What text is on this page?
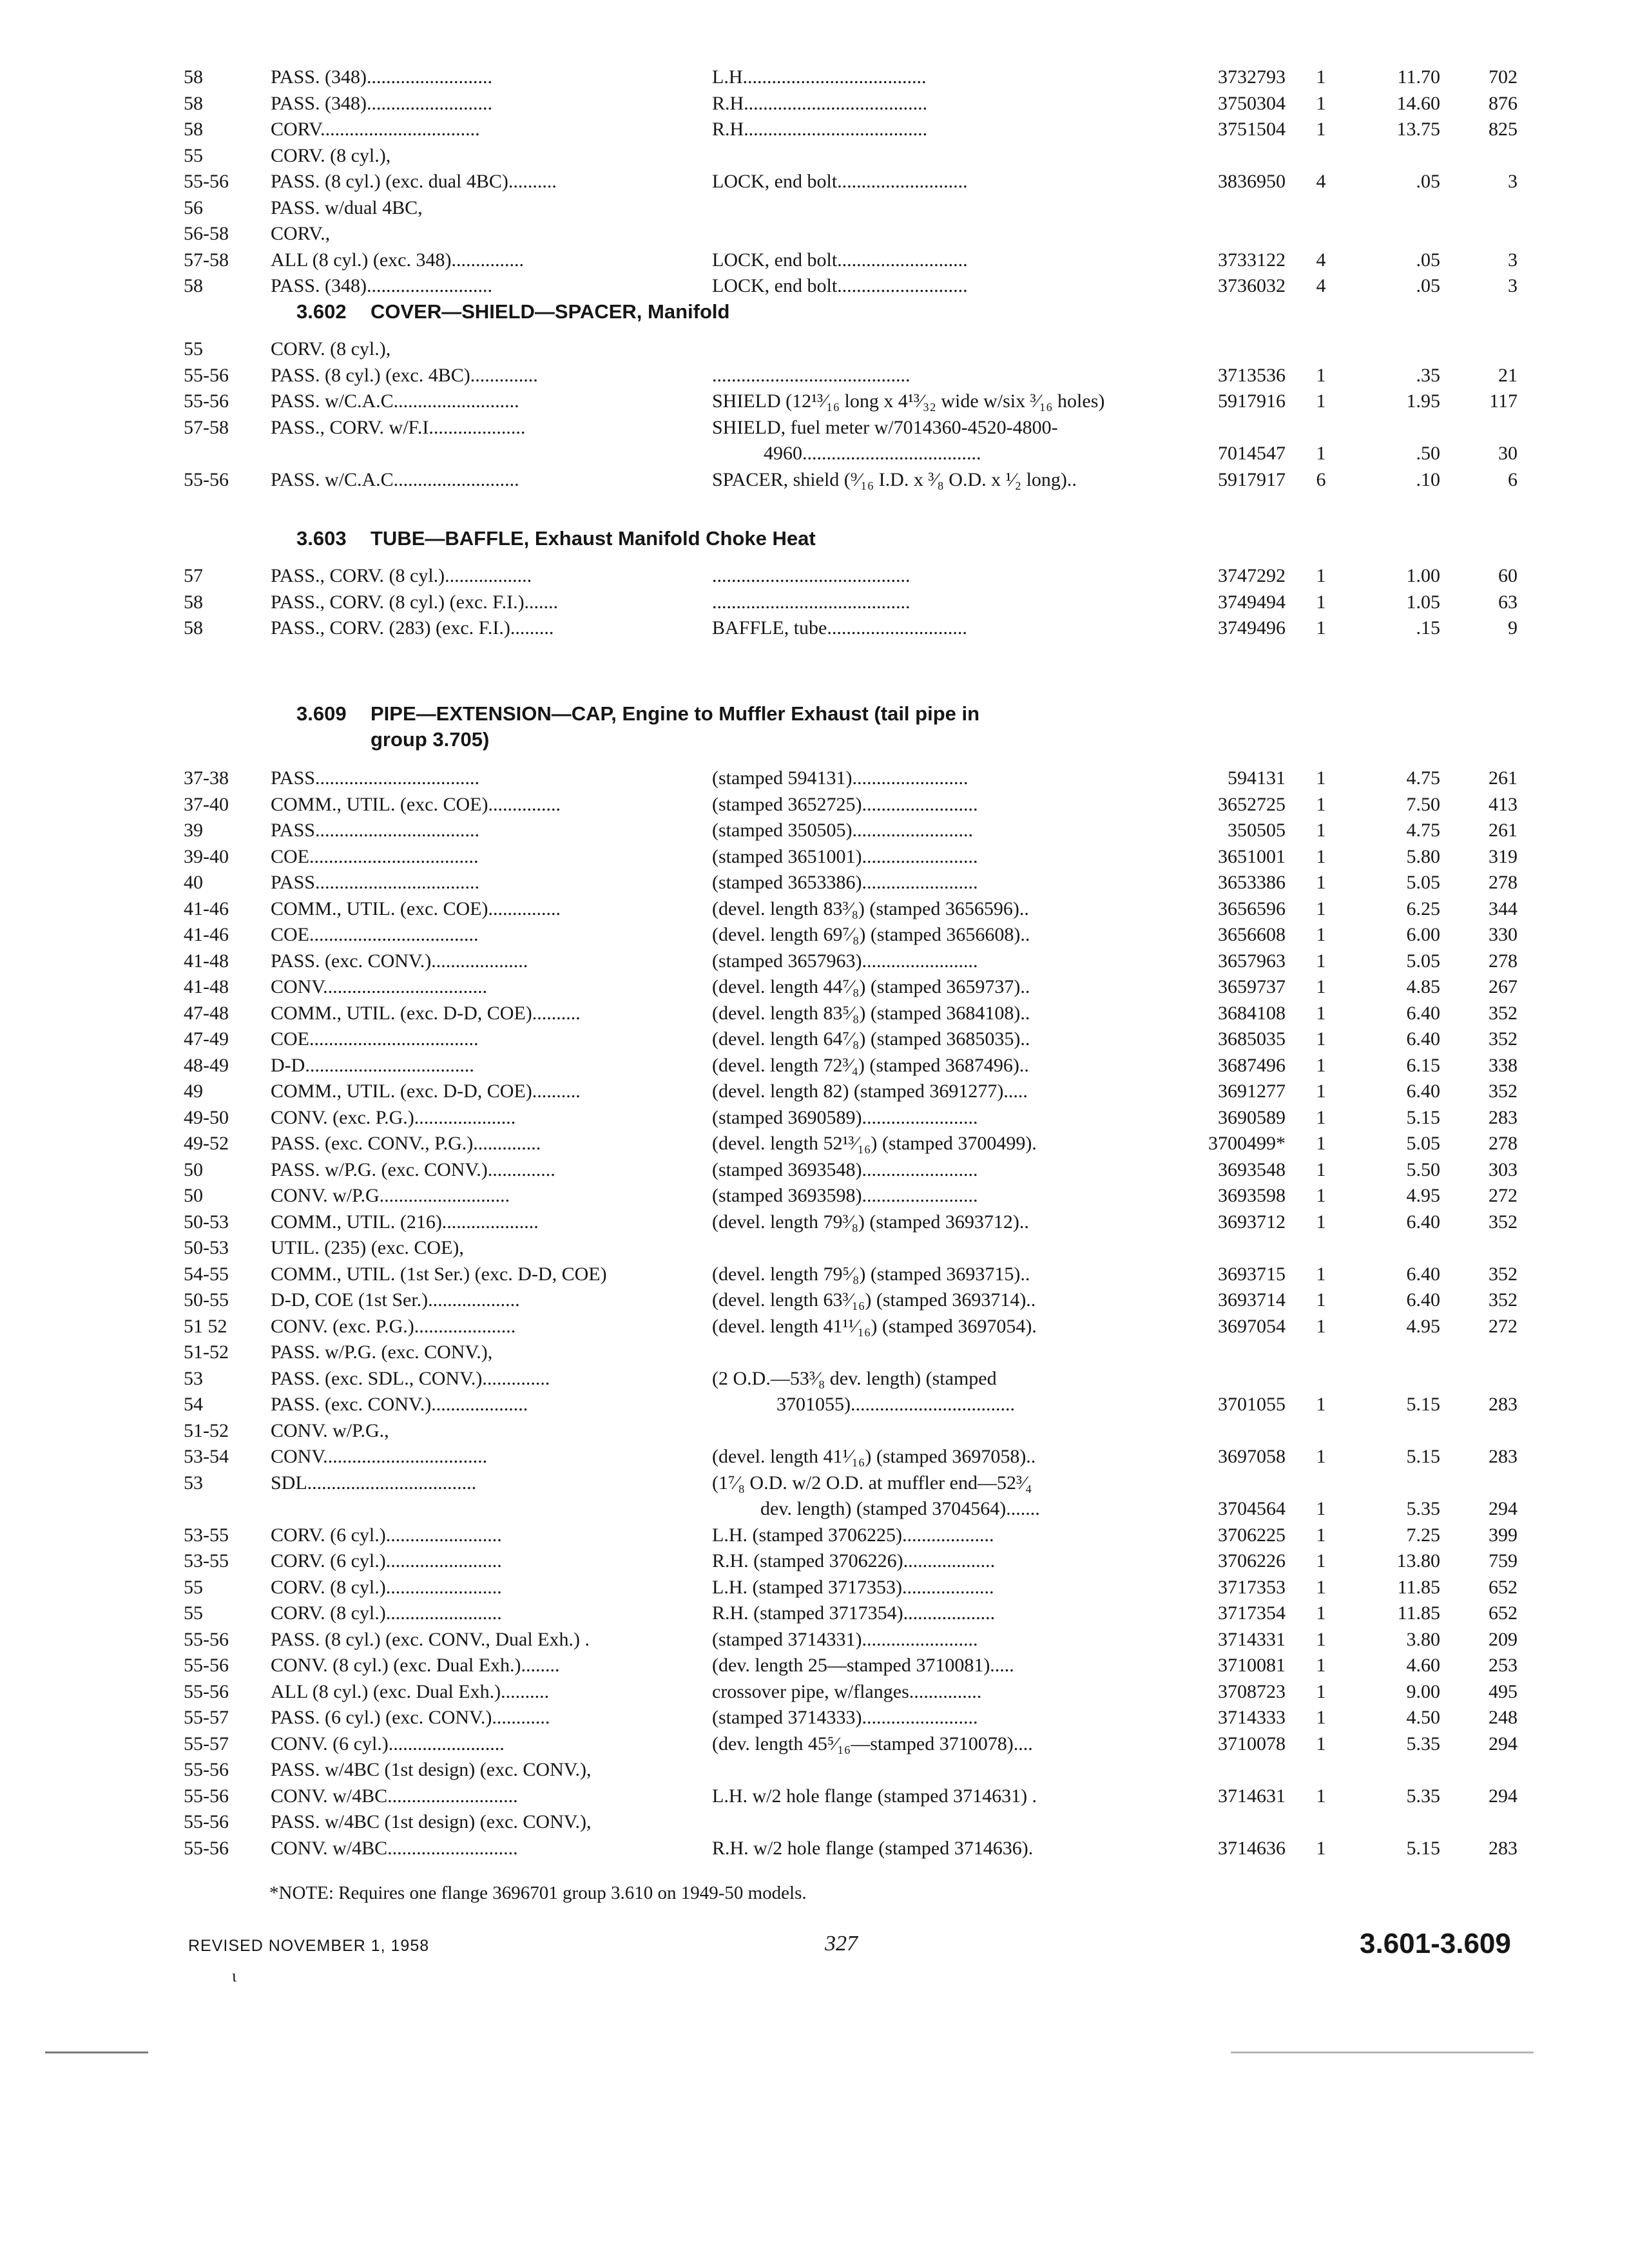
58	PASS. (348)..........................	L.H......................................	3732793	1	11.70	702
58	PASS. (348)..........................	R.H......................................	3750304	1	14.60	876
58	CORV.................................	R.H......................................	3751504	1	13.75	825
55	CORV. (8 cyl.),
55-56	PASS. (8 cyl.) (exc. dual 4BC)..........	LOCK, end bolt...........................	3836950	4	.05	3
56	PASS. w/dual 4BC,
56-58	CORV.,
57-58	ALL (8 cyl.) (exc. 348)...............	LOCK, end bolt...........................	3733122	4	.05	3
58	PASS. (348)..........................	LOCK, end bolt...........................	3736032	4	.05	3
3.602 COVER—SHIELD—SPACER, Manifold
55	CORV. (8 cyl.),
55-56	PASS. (8 cyl.) (exc. 4BC)..............	.........................................	3713536	1	.35	21
55-56	PASS. w/C.A.C..........................	SHIELD (12¹³⁄₁₆ long x 4¹³⁄₃₂ wide w/six ³⁄₁₆ holes)	5917916	1	1.95	117
57-58	PASS., CORV. w/F.I....................	SHIELD, fuel meter w/7014360-4520-4800-
4960.....................................	7014547	1	.50	30
55-56	PASS. w/C.A.C..........................	SPACER, shield (⁹⁄₁₆ I.D. x ³⁄₈ O.D. x ¹⁄₂ long)..	5917917	6	.10	6
3.603 TUBE—BAFFLE, Exhaust Manifold Choke Heat
57	PASS., CORV. (8 cyl.)..................	.........................................	3747292	1	1.00	60
58	PASS., CORV. (8 cyl.) (exc. F.I.).......	.........................................	3749494	1	1.05	63
58	PASS., CORV. (283) (exc. F.I.).........	BAFFLE, tube.............................	3749496	1	.15	9
3.609 PIPE—EXTENSION—CAP, Engine to Muffler Exhaust (tail pipe in
group 3.705)
37-38	PASS..................................	(stamped 594131)........................	594131	1	4.75	261
37-40	COMM., UTIL. (exc. COE)...............	(stamped 3652725)........................	3652725	1	7.50	413
39	PASS..................................	(stamped 350505).........................	350505	1	4.75	261
39-40	COE...................................	(stamped 3651001)........................	3651001	1	5.80	319
40	PASS..................................	(stamped 3653386)........................	3653386	1	5.05	278
41-46	COMM., UTIL. (exc. COE)...............	(devel. length 83³⁄₈) (stamped 3656596)..	3656596	1	6.25	344
41-46	COE...................................	(devel. length 69⁷⁄₈) (stamped 3656608)..	3656608	1	6.00	330
41-48	PASS. (exc. CONV.)....................	(stamped 3657963)........................	3657963	1	5.05	278
41-48	CONV..................................	(devel. length 44⁷⁄₈) (stamped 3659737)..	3659737	1	4.85	267
47-48	COMM., UTIL. (exc. D-D, COE)..........	(devel. length 83⁵⁄₈) (stamped 3684108)..	3684108	1	6.40	352
47-49	COE...................................	(devel. length 64⁷⁄₈) (stamped 3685035)..	3685035	1	6.40	352
48-49	D-D...................................	(devel. length 72³⁄₄) (stamped 3687496)..	3687496	1	6.15	338
49	COMM., UTIL. (exc. D-D, COE)..........	(devel. length 82) (stamped 3691277).....	3691277	1	6.40	352
49-50	CONV. (exc. P.G.).....................	(stamped 3690589)........................	3690589	1	5.15	283
49-52	PASS. (exc. CONV., P.G.)..............	(devel. length 52¹³⁄₁₆) (stamped 3700499).	3700499*	1	5.05	278
50	PASS. w/P.G. (exc. CONV.)..............	(stamped 3693548)........................	3693548	1	5.50	303
50	CONV. w/P.G...........................	(stamped 3693598)........................	3693598	1	4.95	272
50-53	COMM., UTIL. (216)....................	(devel. length 79³⁄₈) (stamped 3693712)..	3693712	1	6.40	352
50-53	UTIL. (235) (exc. COE),
54-55	COMM., UTIL. (1st Ser.) (exc. D-D, COE)	(devel. length 79⁵⁄₈) (stamped 3693715)..	3693715	1	6.40	352
50-55	D-D, COE (1st Ser.)...................	(devel. length 63³⁄₁₆) (stamped 3693714)..	3693714	1	6.40	352
51 52	CONV. (exc. P.G.).....................	(devel. length 41¹¹⁄₁₆) (stamped 3697054).	3697054	1	4.95	272
51-52	PASS. w/P.G. (exc. CONV.),
53	PASS. (exc. SDL., CONV.)..............	(2 O.D.—53³⁄₈ dev. length) (stamped
54	PASS. (exc. CONV.)....................	3701055)..................................	3701055	1	5.15	283
51-52	CONV. w/P.G.,
53-54	CONV..................................	(devel. length 41¹⁄₁₆) (stamped 3697058)..	3697058	1	5.15	283
53	SDL...................................	(1⁷⁄₈ O.D. w/2 O.D. at muffler end—52³⁄₄
dev. length) (stamped 3704564).......	3704564	1	5.35	294
53-55	CORV. (6 cyl.)........................	L.H. (stamped 3706225)...................	3706225	1	7.25	399
53-55	CORV. (6 cyl.)........................	R.H. (stamped 3706226)...................	3706226	1	13.80	759
55	CORV. (8 cyl.)........................	L.H. (stamped 3717353)...................	3717353	1	11.85	652
55	CORV. (8 cyl.)........................	R.H. (stamped 3717354)...................	3717354	1	11.85	652
55-56	PASS. (8 cyl.) (exc. CONV., Dual Exh.) .	(stamped 3714331)........................	3714331	1	3.80	209
55-56	CONV. (8 cyl.) (exc. Dual Exh.)........	(dev. length 25—stamped 3710081).....	3710081	1	4.60	253
55-56	ALL (8 cyl.) (exc. Dual Exh.)..........	crossover pipe, w/flanges...............	3708723	1	9.00	495
55-57	PASS. (6 cyl.) (exc. CONV.)............	(stamped 3714333)........................	3714333	1	4.50	248
55-57	CONV. (6 cyl.)........................	(dev. length 45⁵⁄₁₆—stamped 3710078)....	3710078	1	5.35	294
55-56	PASS. w/4BC (1st design) (exc. CONV.),
55-56	CONV. w/4BC...........................	L.H. w/2 hole flange (stamped 3714631) .	3714631	1	5.35	294
55-56	PASS. w/4BC (1st design) (exc. CONV.),
55-56	CONV. w/4BC...........................	R.H. w/2 hole flange (stamped 3714636).	3714636	1	5.15	283
*NOTE: Requires one flange 3696701 group 3.610 on 1949-50 models.
REVISED NOVEMBER 1, 1958	327	3.601-3.609
ι
